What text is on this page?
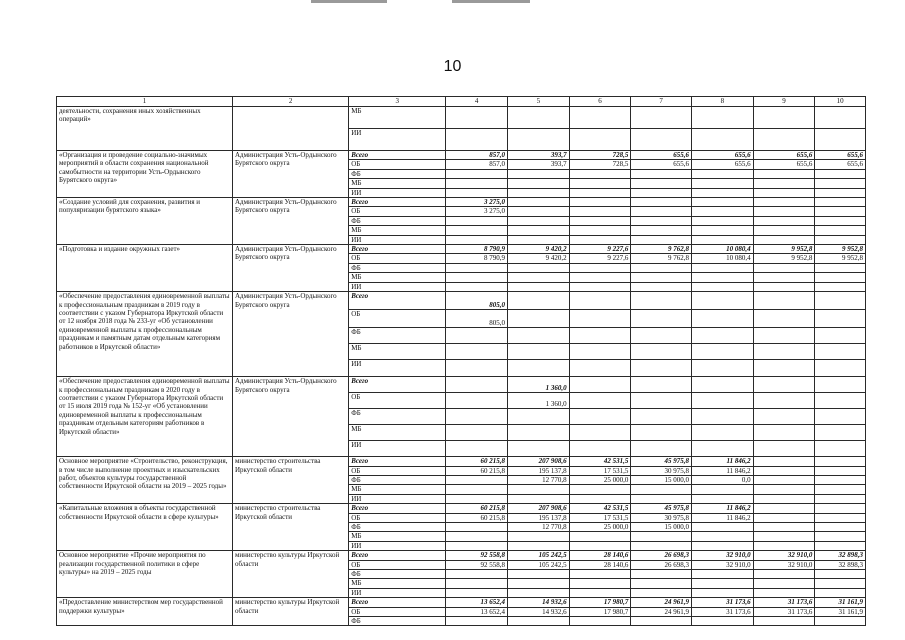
10
1	2	3	4	5	6	7	8	9	10
деятельности, сохранения иных хозяйственных
операций»		МБ							
		ИИ							
«Организация и проведение социально-значимых мероприятий в области сохранения национальной самобытности на территории Усть-Ордынского Бурятского округа»	Администрация Усть-Ордынского Бурятского округа	Всего	857,0	393,7	728,5	655,6	655,6	655,6	655,6
		ОБ	857,0	393,7	728,5	655,6	655,6	655,6	655,6
		ФБ							
		МБ							
		ИИ							
«Создание условий для сохранения, развития и популяризации бурятского языка»	Администрация Усть-Ордынского Бурятского округа	Всего	3 275,0						
		ОБ	3 275,0						
		ФБ							
		МБ							
		ИИ							
«Подготовка и издание окружных газет»	Администрация Усть-Ордынского Бурятского округа	Всего	8 790,9	9 420,2	9 227,6	9 762,8	10 080,4	9 952,8	9 952,8
		ОБ	8 790,9	9 420,2	9 227,6	9 762,8	10 080,4	9 952,8	9 952,8
		ФБ							
		МБ							
		ИИ							
«Обеспечение предоставления единовременной выплаты к профессиональным праздникам в 2019 году в соответствии с указом Губернатора Иркутской области от 12 ноября 2018 года № 233-уг «Об установлении единовременной выплаты к профессиональным праздникам и памятным датам отдельным категориям работников в Иркутской области»	Администрация Усть-Ордынского Бурятского округа	Всего	805,0						
		ОБ	805,0						
		ФБ							
		МБ							
		ИИ							
«Обеспечение предоставления единовременной выплаты к профессиональным праздникам в 2020 году в соответствии с указом Губернатора Иркутской области от 15 июля 2019 года № 152-уг «Об установлении единовременной выплаты к профессиональным праздникам отдельным категориям работников в Иркутской области»	Администрация Усть-Ордынского Бурятского округа	Всего		1 360,0					
		ОБ		1 360,0					
		ФБ							
		МБ							
		ИИ							
Основное мероприятие «Строительство, реконструкция, в том числе выполнение проектных и изыскательских работ, объектов культуры государственной собственности Иркутской области на 2019 – 2025 годы»	министерство строительства Иркутской области	Всего	60 215,8	207 908,6	42 531,5	45 975,8	11 846,2		
		ОБ	60 215,8	195 137,8	17 531,5	30 975,8	11 846,2		
		ФБ		12 770,8	25 000,0	15 000,0	0,0		
		МБ							
		ИИ							
«Капитальные вложения в объекты государственной собственности Иркутской области в сфере культуры»	министерство строительства Иркутской области	Всего	60 215,8	207 908,6	42 531,5	45 975,8	11 846,2		
		ОБ	60 215,8	195 137,8	17 531,5	30 975,8	11 846,2		
		ФБ		12 770,8	25 000,0	15 000,0			
		МБ							
		ИИ							
Основное мероприятие «Прочие мероприятия по реализации государственной политики в сфере культуры» на 2019 – 2025 годы	министерство культуры Иркутской области	Всего	92 558,8	105 242,5	28 140,6	26 698,3	32 910,0	32 910,0	32 898,3
		ОБ	92 558,8	105 242,5	28 140,6	26 698,3	32 910,0	32 910,0	32 898,3
		ФБ							
		МБ							
		ИИ							
«Предоставление министерством мер государственной поддержки культуры»	министерство культуры Иркутской области	Всего	13 652,4	14 932,6	17 980,7	24 961,9	31 173,6	31 173,6	31 161,9
		ОБ	13 652,4	14 932,6	17 980,7	24 961,9	31 173,6	31 173,6	31 161,9
		ФБ							
